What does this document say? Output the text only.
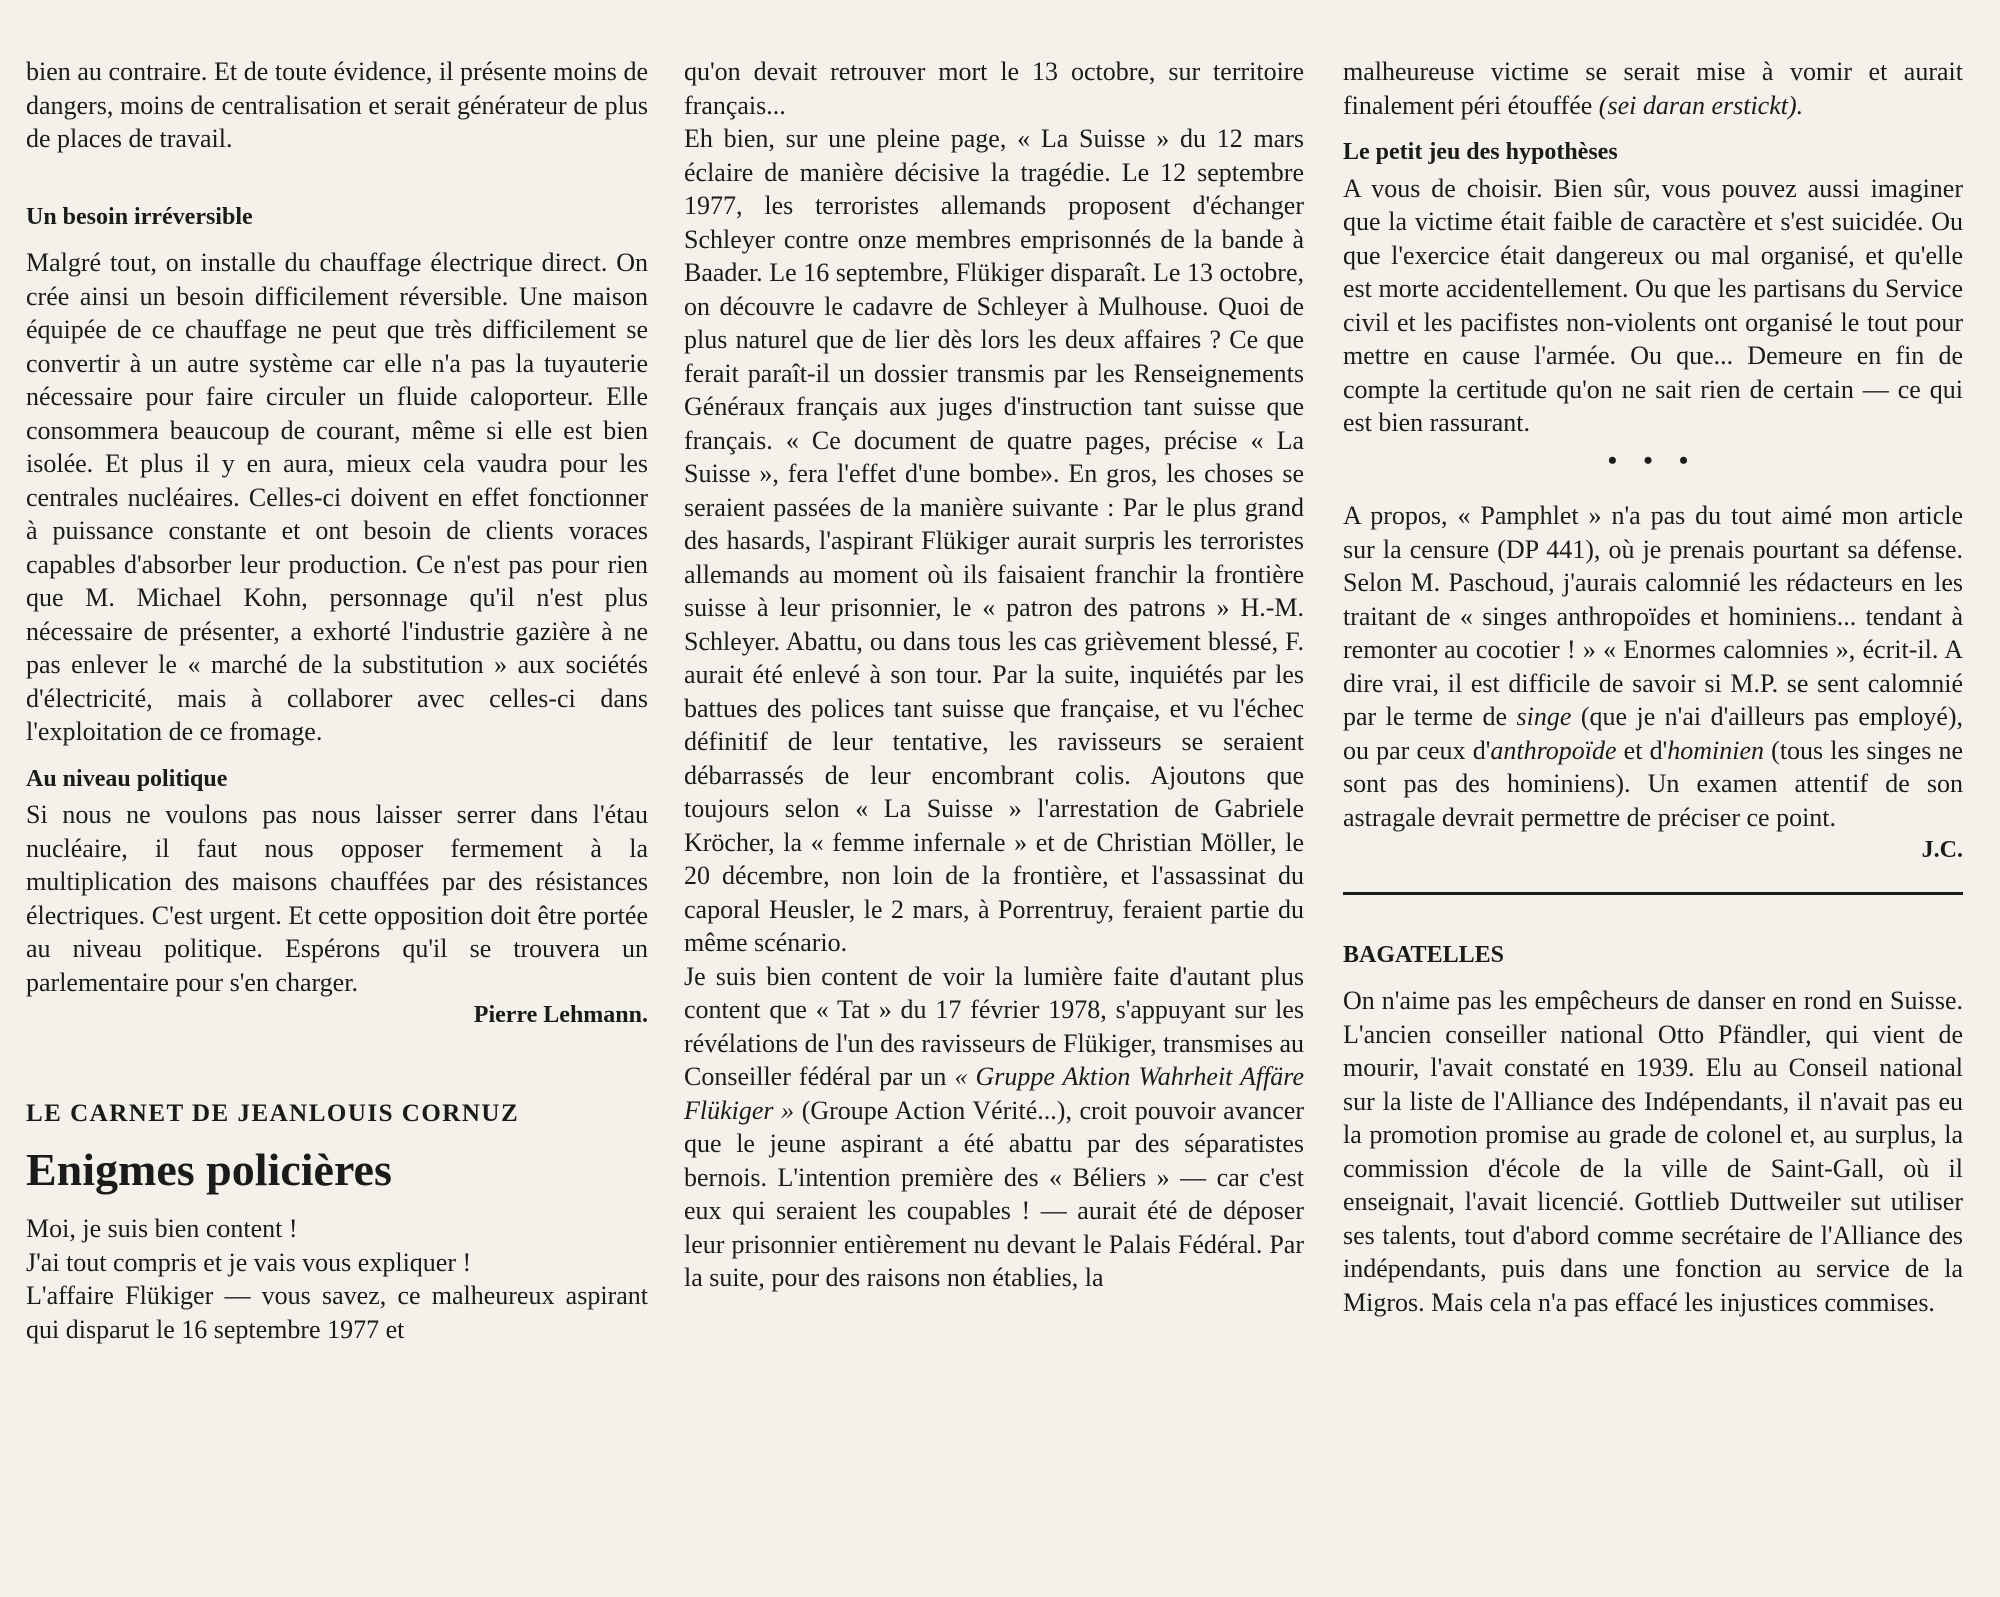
bien au contraire. Et de toute évidence, il présente moins de dangers, moins de centralisation et serait générateur de plus de places de travail.

Un besoin irréversible

Malgré tout, on installe du chauffage électrique direct. On crée ainsi un besoin difficilement réversible. Une maison équipée de ce chauffage ne peut que très difficilement se convertir à un autre système car elle n'a pas la tuyauterie nécessaire pour faire circuler un fluide caloporteur. Elle consommera beaucoup de courant, même si elle est bien isolée. Et plus il y en aura, mieux cela vaudra pour les centrales nucléaires. Celles-ci doivent en effet fonctionner à puissance constante et ont besoin de clients voraces capables d'absorber leur production. Ce n'est pas pour rien que M. Michael Kohn, personnage qu'il n'est plus nécessaire de présenter, a exhorté l'industrie gazière à ne pas enlever le « marché de la substitution » aux sociétés d'électricité, mais à collaborer avec celles-ci dans l'exploitation de ce fromage.

Au niveau politique

Si nous ne voulons pas nous laisser serrer dans l'étau nucléaire, il faut nous opposer fermement à la multiplication des maisons chauffées par des résistances électriques. C'est urgent. Et cette opposition doit être portée au niveau politique. Espérons qu'il se trouvera un parlementaire pour s'en charger.

Pierre Lehmann.

LE CARNET DE JEANLOUIS CORNUZ
Enigmes policières

Moi, je suis bien content !

J'ai tout compris et je vais vous expliquer !

L'affaire Flükiger — vous savez, ce malheureux aspirant qui disparut le 16 septembre 1977 et

qu'on devait retrouver mort le 13 octobre, sur territoire français...

Eh bien, sur une pleine page, « La Suisse » du 12 mars éclaire de manière décisive la tragédie. Le 12 septembre 1977, les terroristes allemands proposent d'échanger Schleyer contre onze membres emprisonnés de la bande à Baader. Le 16 septembre, Flükiger disparaît. Le 13 octobre, on découvre le cadavre de Schleyer à Mulhouse. Quoi de plus naturel que de lier dès lors les deux affaires ? Ce que ferait paraît-il un dossier transmis par les Renseignements Généraux français aux juges d'instruction tant suisse que français. « Ce document de quatre pages, précise « La Suisse », fera l'effet d'une bombe». En gros, les choses se seraient passées de la manière suivante : Par le plus grand des hasards, l'aspirant Flükiger aurait surpris les terroristes allemands au moment où ils faisaient franchir la frontière suisse à leur prisonnier, le « patron des patrons » H.-M. Schleyer. Abattu, ou dans tous les cas grièvement blessé, F. aurait été enlevé à son tour. Par la suite, inquiétés par les battues des polices tant suisse que française, et vu l'échec définitif de leur tentative, les ravisseurs se seraient débarrassés de leur encombrant colis. Ajoutons que toujours selon « La Suisse » l'arrestation de Gabriele Kröcher, la « femme infernale » et de Christian Möller, le 20 décembre, non loin de la frontière, et l'assassinat du caporal Heusler, le 2 mars, à Porrentruy, feraient partie du même scénario.

Je suis bien content de voir la lumière faite d'autant plus content que « Tat » du 17 février 1978, s'appuyant sur les révélations de l'un des ravisseurs de Flükiger, transmises au Conseiller fédéral par un « Gruppe Aktion Wahrheit Affäre Flükiger » (Groupe Action Vérité...), croit pouvoir avancer que le jeune aspirant a été abattu par des séparatistes bernois. L'intention première des « Béliers » — car c'est eux qui seraient les coupables ! — aurait été de déposer leur prisonnier entièrement nu devant le Palais Fédéral. Par la suite, pour des raisons non établies, la

malheureuse victime se serait mise à vomir et aurait finalement péri étouffée (sei daran erstickt).

Le petit jeu des hypothèses

A vous de choisir. Bien sûr, vous pouvez aussi imaginer que la victime était faible de caractère et s'est suicidée. Ou que l'exercice était dangereux ou mal organisé, et qu'elle est morte accidentellement. Ou que les partisans du Service civil et les pacifistes non-violents ont organisé le tout pour mettre en cause l'armée. Ou que... Demeure en fin de compte la certitude qu'on ne sait rien de certain — ce qui est bien rassurant.

• • •

A propos, « Pamphlet » n'a pas du tout aimé mon article sur la censure (DP 441), où je prenais pourtant sa défense. Selon M. Paschoud, j'aurais calomnié les rédacteurs en les traitant de « singes anthropoïdes et hominiens... tendant à remonter au cocotier ! » « Enormes calomnies », écrit-il. A dire vrai, il est difficile de savoir si M.P. se sent calomnié par le terme de singe (que je n'ai d'ailleurs pas employé), ou par ceux d'anthropoïde et d'hominien (tous les singes ne sont pas des hominiens). Un examen attentif de son astragale devrait permettre de préciser ce point.

J.C.

BAGATELLES

On n'aime pas les empêcheurs de danser en rond en Suisse. L'ancien conseiller national Otto Pfändler, qui vient de mourir, l'avait constaté en 1939. Elu au Conseil national sur la liste de l'Alliance des Indépendants, il n'avait pas eu la promotion promise au grade de colonel et, au surplus, la commission d'école de la ville de Saint-Gall, où il enseignait, l'avait licencié. Gottlieb Duttweiler sut utiliser ses talents, tout d'abord comme secrétaire de l'Alliance des indépendants, puis dans une fonction au service de la Migros. Mais cela n'a pas effacé les injustices commises.
